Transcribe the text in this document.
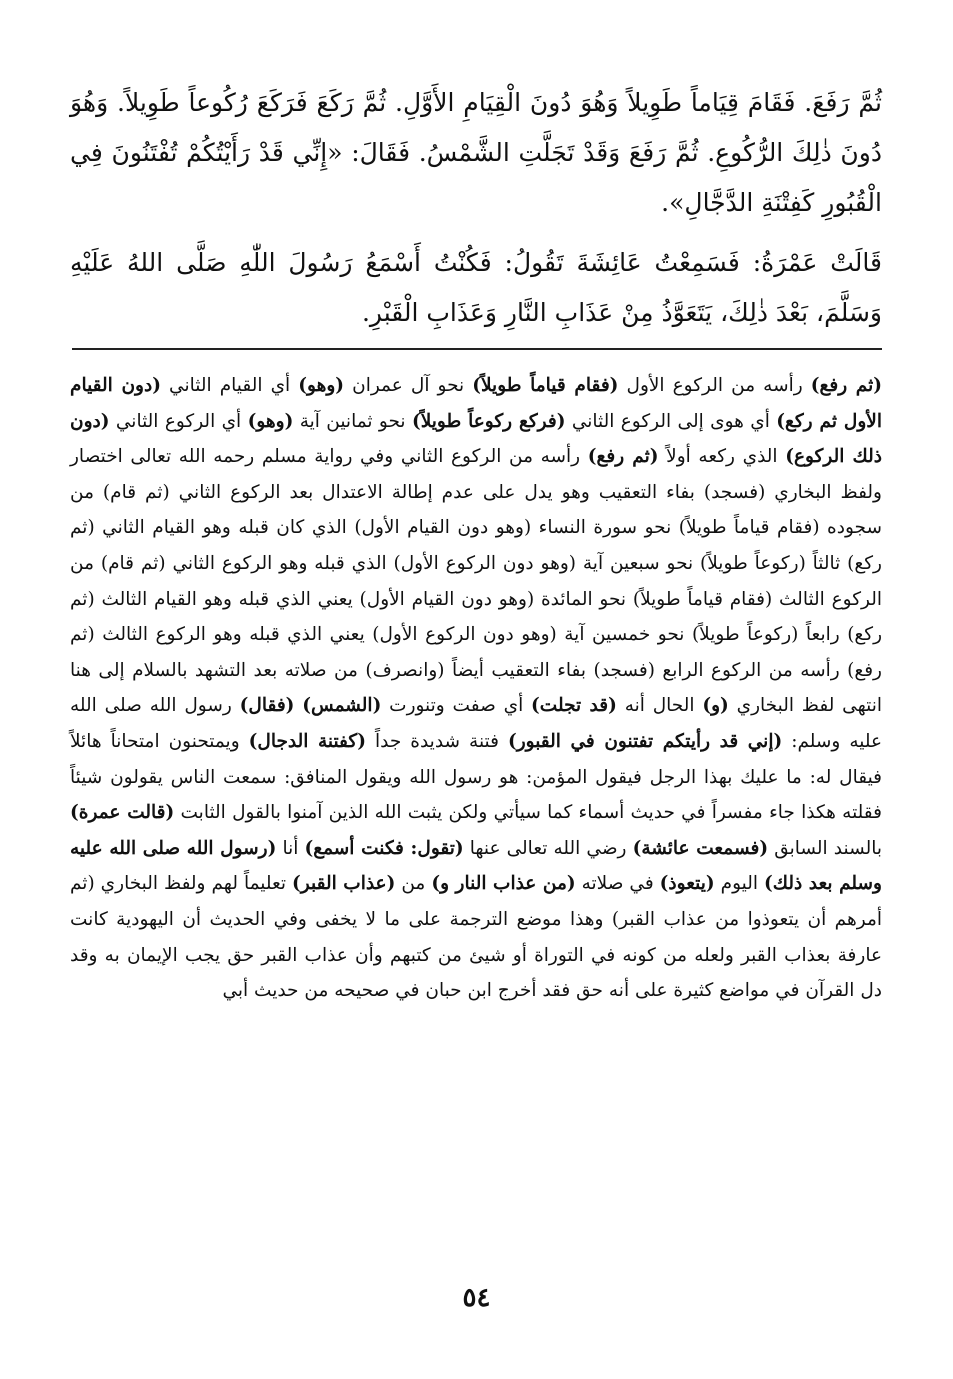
ثُمَّ رَفَعَ. فَقَامَ قِيَاماً طَوِيلاً وَهُوَ دُونَ الْقِيَامِ الأَوَّلِ. ثُمَّ رَكَعَ فَرَكَعَ رُكُوعاً طَوِيلاً. وَهُوَ دُونَ ذٰلِكَ الرُّكُوعِ. ثُمَّ رَفَعَ وَقَدْ تَجَلَّتِ الشَّمْسُ. فَقَالَ: «إِنِّي قَدْ رَأَيْتُكُمْ تُفْتَنُونَ فِي الْقُبُورِ كَفِتْنَةِ الدَّجَّالِ».

قَالَتْ عَمْرَةُ: فَسَمِعْتُ عَائِشَةَ تَقُولُ: فَكُنْتُ أَسْمَعُ رَسُولَ اللّٰهِ صَلَّى اللهُ عَلَيْهِ وَسَلَّمَ، بَعْدَ ذٰلِكَ، يَتَعَوَّذُ مِنْ عَذَابِ النَّارِ وَعَذَابِ الْقَبْرِ.

(ثم رفع) رأسه من الركوع الأول (فقام قياماً طويلاً) نحو آل عمران (وهو) أي القيام الثاني (دون القيام الأول ثم ركع) أي هوى إلى الركوع الثاني (فركع ركوعاً طويلاً) نحو ثمانين آية (وهو) أي الركوع الثاني (دون ذلك الركوع) الذي ركعه أولاً (ثم رفع) رأسه من الركوع الثاني وفي رواية مسلم رحمه الله تعالى اختصار ولفظ البخاري (فسجد) بفاء التعقيب وهو يدل على عدم إطالة الاعتدال بعد الركوع الثاني (ثم قام) من سجوده (فقام قياماً طويلاً) نحو سورة النساء (وهو دون القيام الأول) الذي كان قبله وهو القيام الثاني (ثم ركع) ثالثاً (ركوعاً طويلاً) نحو سبعين آية (وهو دون الركوع الأول) الذي قبله وهو الركوع الثاني (ثم قام) من الركوع الثالث (فقام قياماً طويلاً) نحو المائدة (وهو دون القيام الأول) يعني الذي قبله وهو القيام الثالث (ثم ركع) رابعاً (ركوعاً طويلاً) نحو خمسين آية (وهو دون الركوع الأول) يعني الذي قبله وهو الركوع الثالث (ثم رفع) رأسه من الركوع الرابع (فسجد) بفاء التعقيب أيضاً (وانصرف) من صلاته بعد التشهد بالسلام إلى هنا انتهى لفظ البخاري (و) الحال أنه (قد تجلت) أي صفت وتنورت (الشمس) (فقال) رسول الله صلى الله عليه وسلم: (إني قد رأيتكم تفتنون في القبور) فتنة شديدة جداً (كفتنة الدجال) ويمتحنون امتحاناً هائلاً فيقال له: ما عليك بهذا الرجل فيقول المؤمن: هو رسول الله ويقول المنافق: سمعت الناس يقولون شيئاً فقلته هكذا جاء مفسراً في حديث أسماء كما سيأتي ولكن يثبت الله الذين آمنوا بالقول الثابت (قالت عمرة) بالسند السابق (فسمعت عائشة) رضي الله تعالى عنها (تقول: فكنت أسمع) أنا (رسول الله صلى الله عليه وسلم بعد ذلك) اليوم (يتعوذ) في صلاته (من عذاب النار و) من (عذاب القبر) تعليماً لهم ولفظ البخاري (ثم أمرهم أن يتعوذوا من عذاب القبر) وهذا موضع الترجمة على ما لا يخفى وفي الحديث أن اليهودية كانت عارفة بعذاب القبر ولعله من كونه في التوراة أو شيئ من كتبهم وأن عذاب القبر حق يجب الإيمان به وقد دل القرآن في مواضع كثيرة على أنه حق فقد أخرج ابن حبان في صحيحه من حديث أبي
٥٤
